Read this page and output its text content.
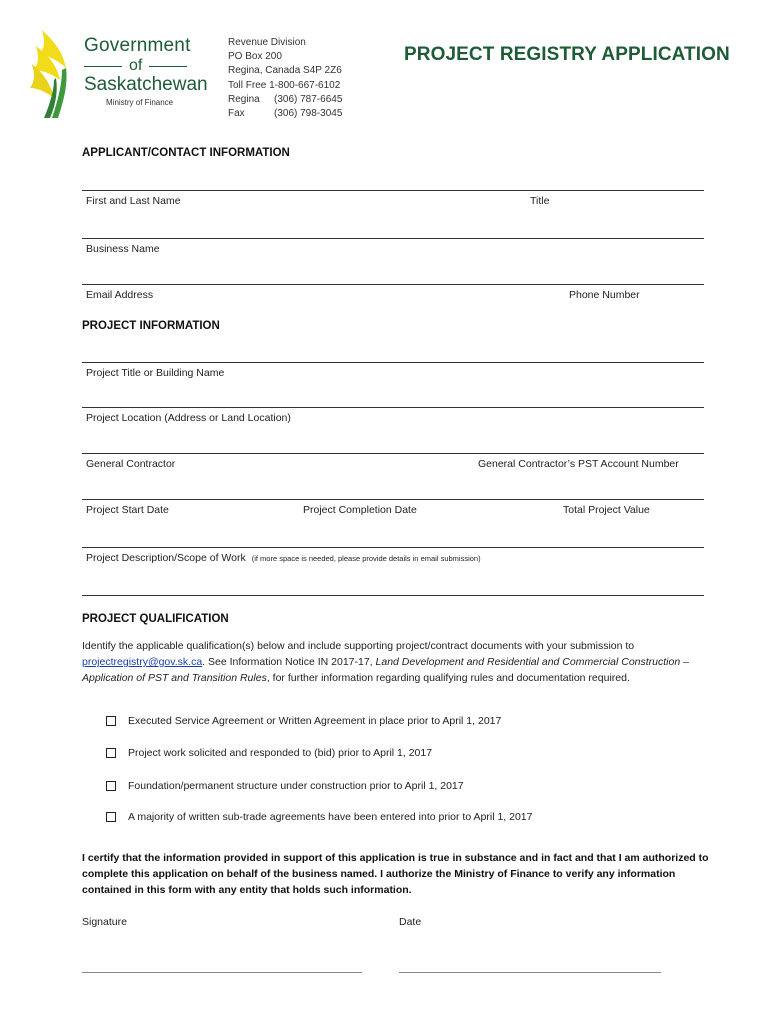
Government
of
Saskatchewan
Ministry of Finance
Revenue Division
PO Box 200
Regina, Canada S4P 2Z6
Toll Free 1-800-667-6102
Regina	(306) 787-6645
Fax	(306) 798-3045
PROJECT REGISTRY APPLICATION
APPLICANT/CONTACT INFORMATION
First and Last Name	Title
Business Name
Email Address	Phone Number
PROJECT INFORMATION
Project Title or Building Name
Project Location (Address or Land Location)
General Contractor	General Contractor’s PST Account Number
Project Start Date	Project Completion Date	Total Project Value
Project Description/Scope of Work (if more space is needed, please provide details in email submission)
PROJECT QUALIFICATION
Identify the applicable qualification(s) below and include supporting project/contract documents with your submission to projectregistry@gov.sk.ca. See Information Notice IN 2017-17, Land Development and Residential and Commercial Construction – Application of PST and Transition Rules, for further information regarding qualifying rules and documentation required.
Executed Service Agreement or Written Agreement in place prior to April 1, 2017
Project work solicited and responded to (bid) prior to April 1, 2017
Foundation/permanent structure under construction prior to April 1, 2017
A majority of written sub-trade agreements have been entered into prior to April 1, 2017
I certify that the information provided in support of this application is true in substance and in fact and that I am authorized to complete this application on behalf of the business named. I authorize the Ministry of Finance to verify any information contained in this form with any entity that holds such information.
Signature	Date
